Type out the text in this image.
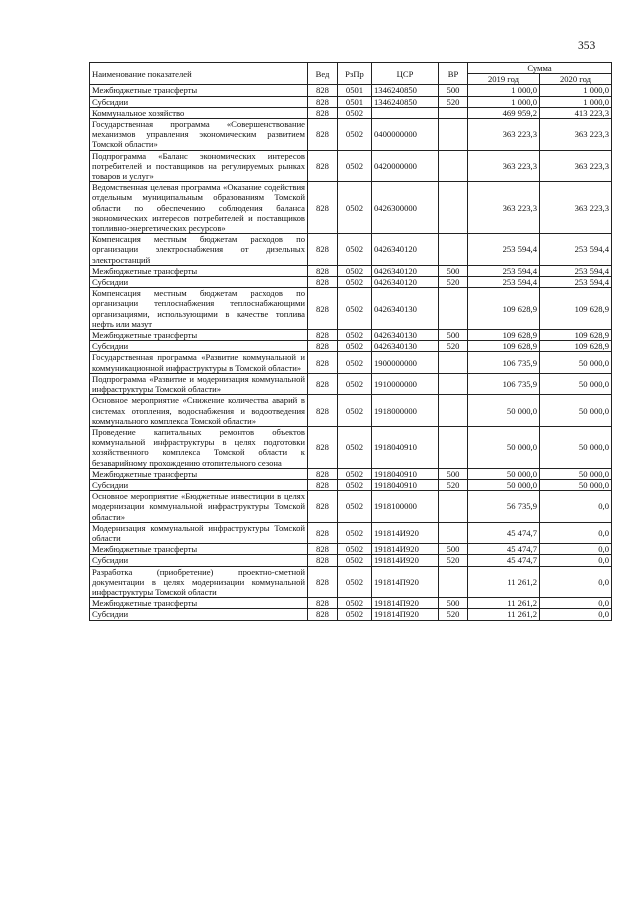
353
Наименование показателей	Вед	РзПр	ЦСР	ВР	Сумма	
					2019 год	2020 год
Межбюджетные трансферты	828	0501	1346240850	500	1 000,0	1 000,0
Субсидии	828	0501	1346240850	520	1 000,0	1 000,0
Коммунальное хозяйство	828	0502			469 959,2	413 223,3
Государственная программа «Совершенствование механизмов управления экономическим развитием Томской области»	828	0502	0400000000		363 223,3	363 223,3
Подпрограмма «Баланс экономических интересов потребителей и поставщиков на регулируемых рынках товаров и услуг»	828	0502	0420000000		363 223,3	363 223,3
Ведомственная целевая программа «Оказание содействия отдельным муниципальным образованиям Томской области по обеспечению соблюдения баланса экономических интересов потребителей и поставщиков топливно-энергетических ресурсов»	828	0502	0426300000		363 223,3	363 223,3
Компенсация местным бюджетам расходов по организации электроснабжения от дизельных электростанций	828	0502	0426340120		253 594,4	253 594,4
Межбюджетные трансферты	828	0502	0426340120	500	253 594,4	253 594,4
Субсидии	828	0502	0426340120	520	253 594,4	253 594,4
Компенсация местным бюджетам расходов по организации теплоснабжения теплоснабжающими организациями, использующими в качестве топлива нефть или мазут	828	0502	0426340130		109 628,9	109 628,9
Межбюджетные трансферты	828	0502	0426340130	500	109 628,9	109 628,9
Субсидии	828	0502	0426340130	520	109 628,9	109 628,9
Государственная программа «Развитие коммунальной и коммуникационной инфраструктуры в Томской области»	828	0502	1900000000		106 735,9	50 000,0
Подпрограмма «Развитие и модернизация коммунальной инфраструктуры Томской области»	828	0502	1910000000		106 735,9	50 000,0
Основное мероприятие «Снижение количества аварий в системах отопления, водоснабжения и водоотведения коммунального комплекса Томской области»	828	0502	1918000000		50 000,0	50 000,0
Проведение капитальных ремонтов объектов коммунальной инфраструктуры в целях подготовки хозяйственного комплекса Томской области к безаварийному прохождению отопительного сезона	828	0502	1918040910		50 000,0	50 000,0
Межбюджетные трансферты	828	0502	1918040910	500	50 000,0	50 000,0
Субсидии	828	0502	1918040910	520	50 000,0	50 000,0
Основное мероприятие «Бюджетные инвестиции в целях модернизации коммунальной инфраструктуры Томской области»	828	0502	1918100000		56 735,9	0,0
Модернизация коммунальной инфраструктуры Томской области	828	0502	191814И920		45 474,7	0,0
Межбюджетные трансферты	828	0502	191814И920	500	45 474,7	0,0
Субсидии	828	0502	191814И920	520	45 474,7	0,0
Разработка (приобретение) проектно-сметной документации в целях модернизации коммунальной инфраструктуры Томской области	828	0502	191814П920		11 261,2	0,0
Межбюджетные трансферты	828	0502	191814П920	500	11 261,2	0,0
Субсидии	828	0502	191814П920	520	11 261,2	0,0
